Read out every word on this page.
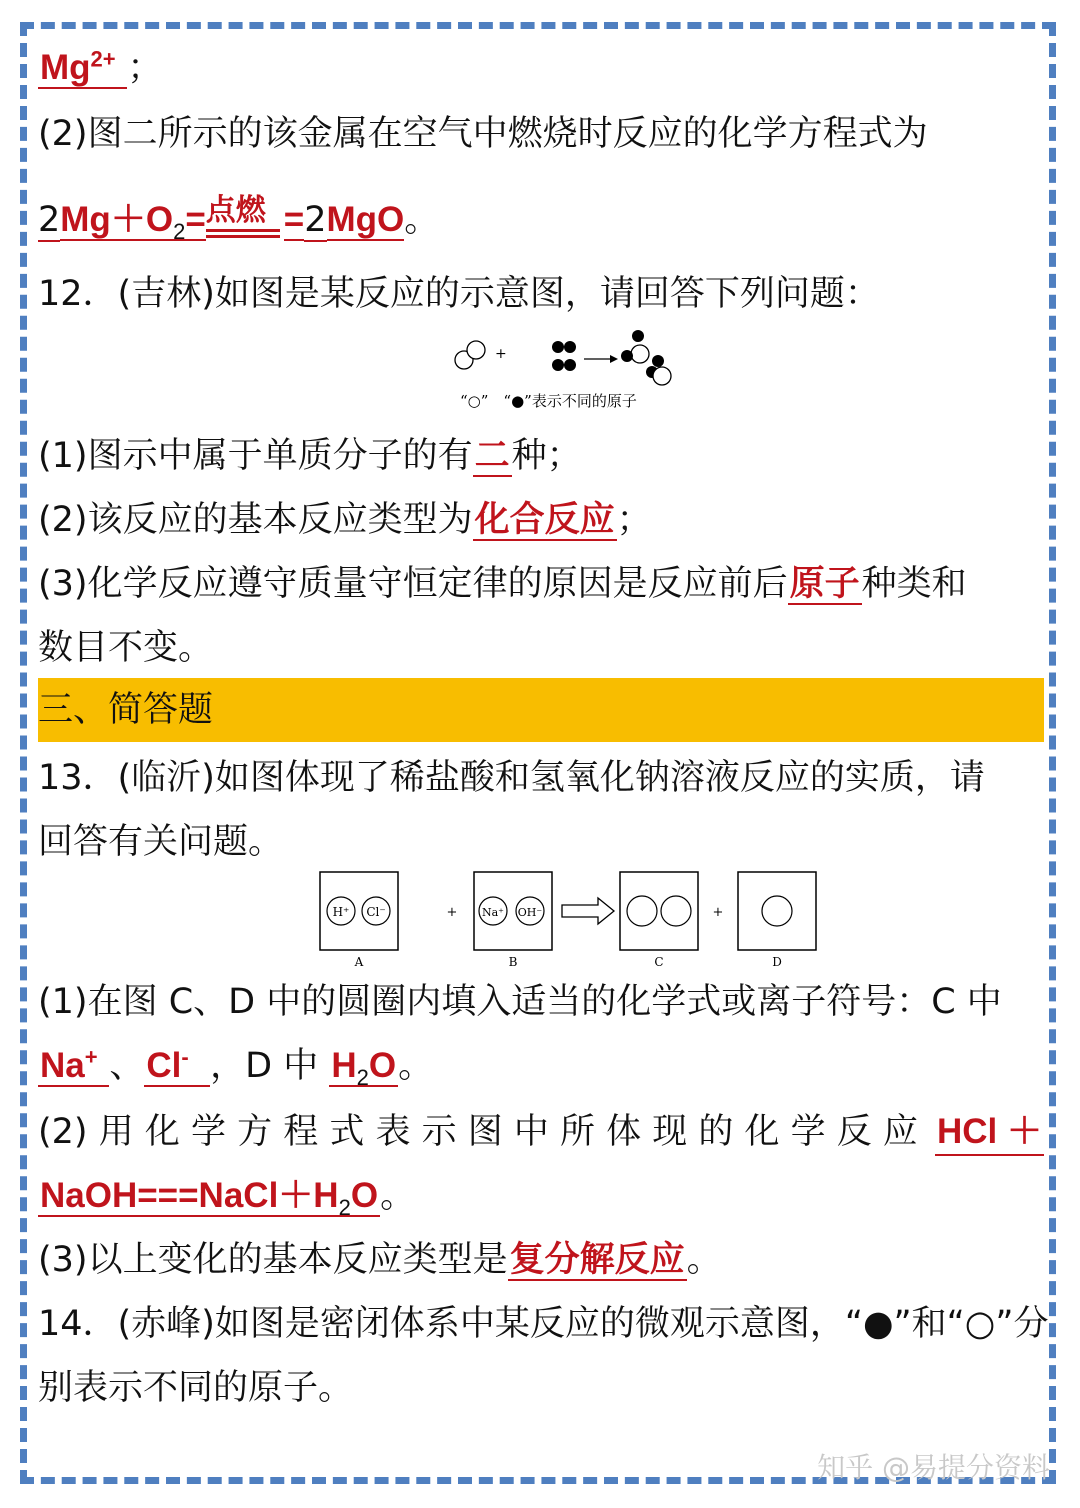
$Mg^{2+}$ ；
(2)图二所示的该金属在空气中燃烧时反应的化学方程式为
$2Mg+O_2=$ 点燃 =2MgO。
12．(吉林)如图是某反应的示意图，请回答下列问题：
+
“○”　“●”表示不同的原子
(1)图示中属于单质分子的有二种；
(2)该反应的基本反应类型为化合反应；
(3)化学反应遵守质量守恒定律的原因是反应前后原子种类和
数目不变。
三、简答题
13．(临沂)如图体现了稀盐酸和氢氧化钠溶液反应的实质，请
回答有关问题。
H⁺ Cl⁻	+ Na⁺ OH⁻	+
A	B	C	D
(1)在图 C、D 中的圆圈内填入适当的化学式或离子符号：C 中
Na+ 、Cl- ，D 中 $H_2O$。
(2) 用 化 学 方 程 式 表 示 图 中 所 体 现 的 化 学 反 应 HCl ＋
$NaOH===NaCl+H_2O$。
(3)以上变化的基本反应类型是复分解反应。
14．(赤峰)如图是密闭体系中某反应的微观示意图，“●”和“○”分
别表示不同的原子。
知乎 @易提分资料
